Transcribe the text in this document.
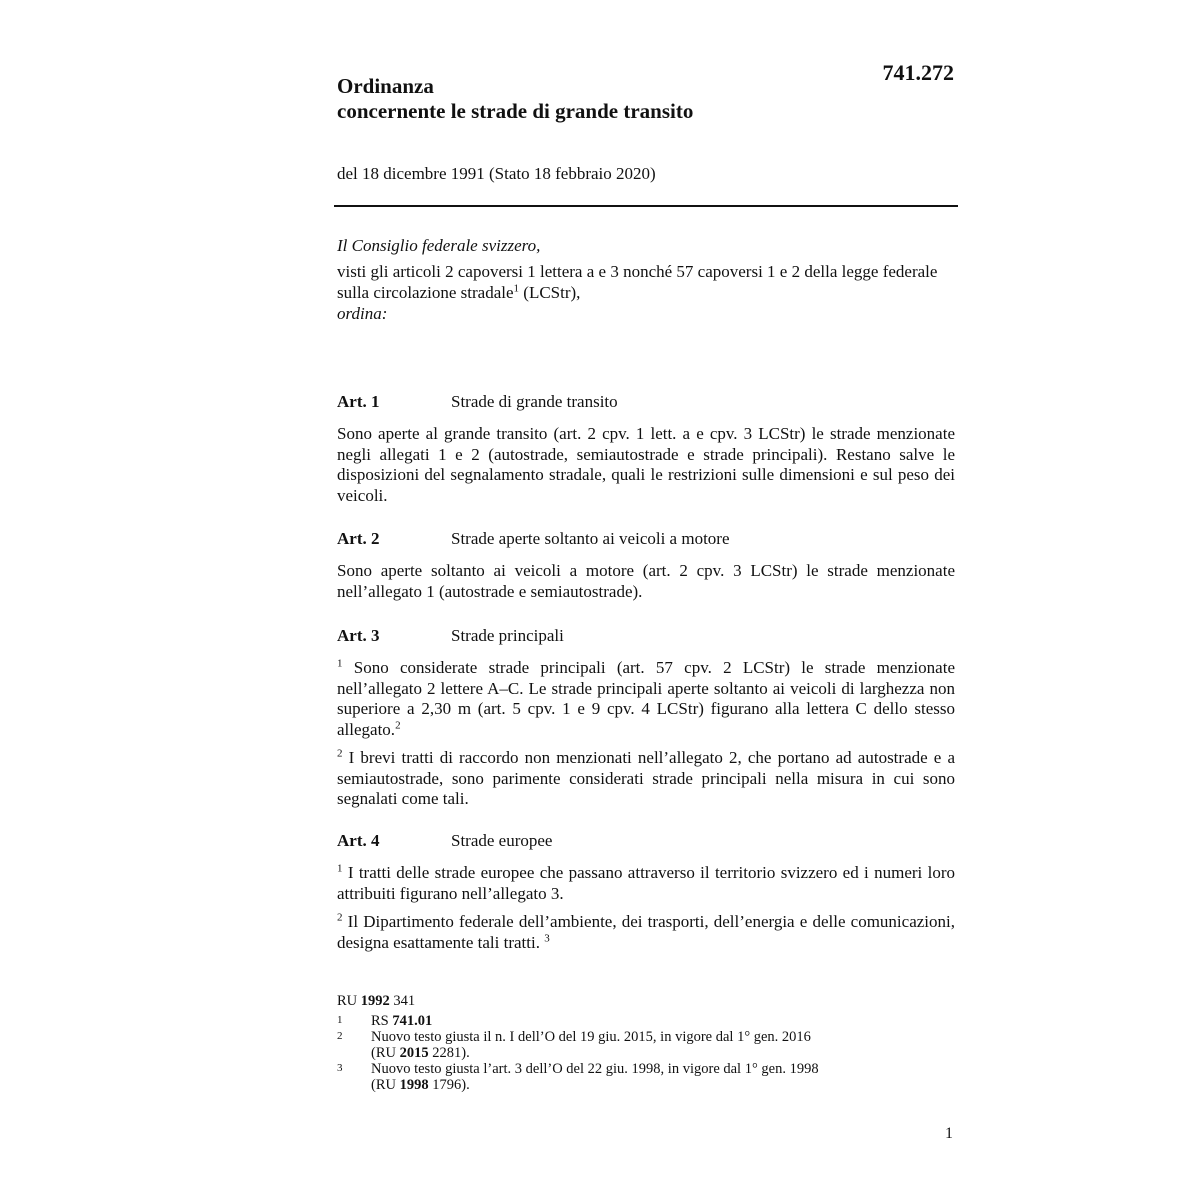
741.272
Ordinanza
concernente le strade di grande transito
del 18 dicembre 1991 (Stato 18 febbraio 2020)

Il Consiglio federale svizzero,

visti gli articoli 2 capoversi 1 lettera a e 3 nonché 57 capoversi 1 e 2 della legge federale sulla circolazione stradale$^1$ (LCStr),

ordina:

Art. 1	Strade di grande transito

Sono aperte al grande transito (art. 2 cpv. 1 lett. a e cpv. 3 LCStr) le strade menzionate negli allegati 1 e 2 (autostrade, semiautostrade e strade principali). Restano salve le disposizioni del segnalamento stradale, quali le restrizioni sulle dimensioni e sul peso dei veicoli.

Art. 2	Strade aperte soltanto ai veicoli a motore

Sono aperte soltanto ai veicoli a motore (art. 2 cpv. 3 LCStr) le strade menzionate nell’allegato 1 (autostrade e semiautostrade).

Art. 3	Strade principali

$^1$ Sono considerate strade principali (art. 57 cpv. 2 LCStr) le strade menzionate nell’allegato 2 lettere A–C. Le strade principali aperte soltanto ai veicoli di larghezza non superiore a 2,30 m (art. 5 cpv. 1 e 9 cpv. 4 LCStr) figurano alla lettera C dello stesso allegato.$^2$

$^2$ I brevi tratti di raccordo non menzionati nell’allegato 2, che portano ad autostrade e a semiautostrade, sono parimente considerati strade principali nella misura in cui sono segnalati come tali.

Art. 4	Strade europee

$^1$ I tratti delle strade europee che passano attraverso il territorio svizzero ed i numeri loro attribuiti figurano nell’allegato 3.

$^2$ Il Dipartimento federale dell’ambiente, dei trasporti, dell’energia e delle comunicazioni, designa esattamente tali tratti. $^3$

RU 1992 341
1	RS 741.01
2	Nuovo testo giusta il n. I dell’O del 19 giu. 2015, in vigore dal 1° gen. 2016
(RU 2015 2281).
3	Nuovo testo giusta l’art. 3 dell’O del 22 giu. 1998, in vigore dal 1° gen. 1998
(RU 1998 1796).
1
